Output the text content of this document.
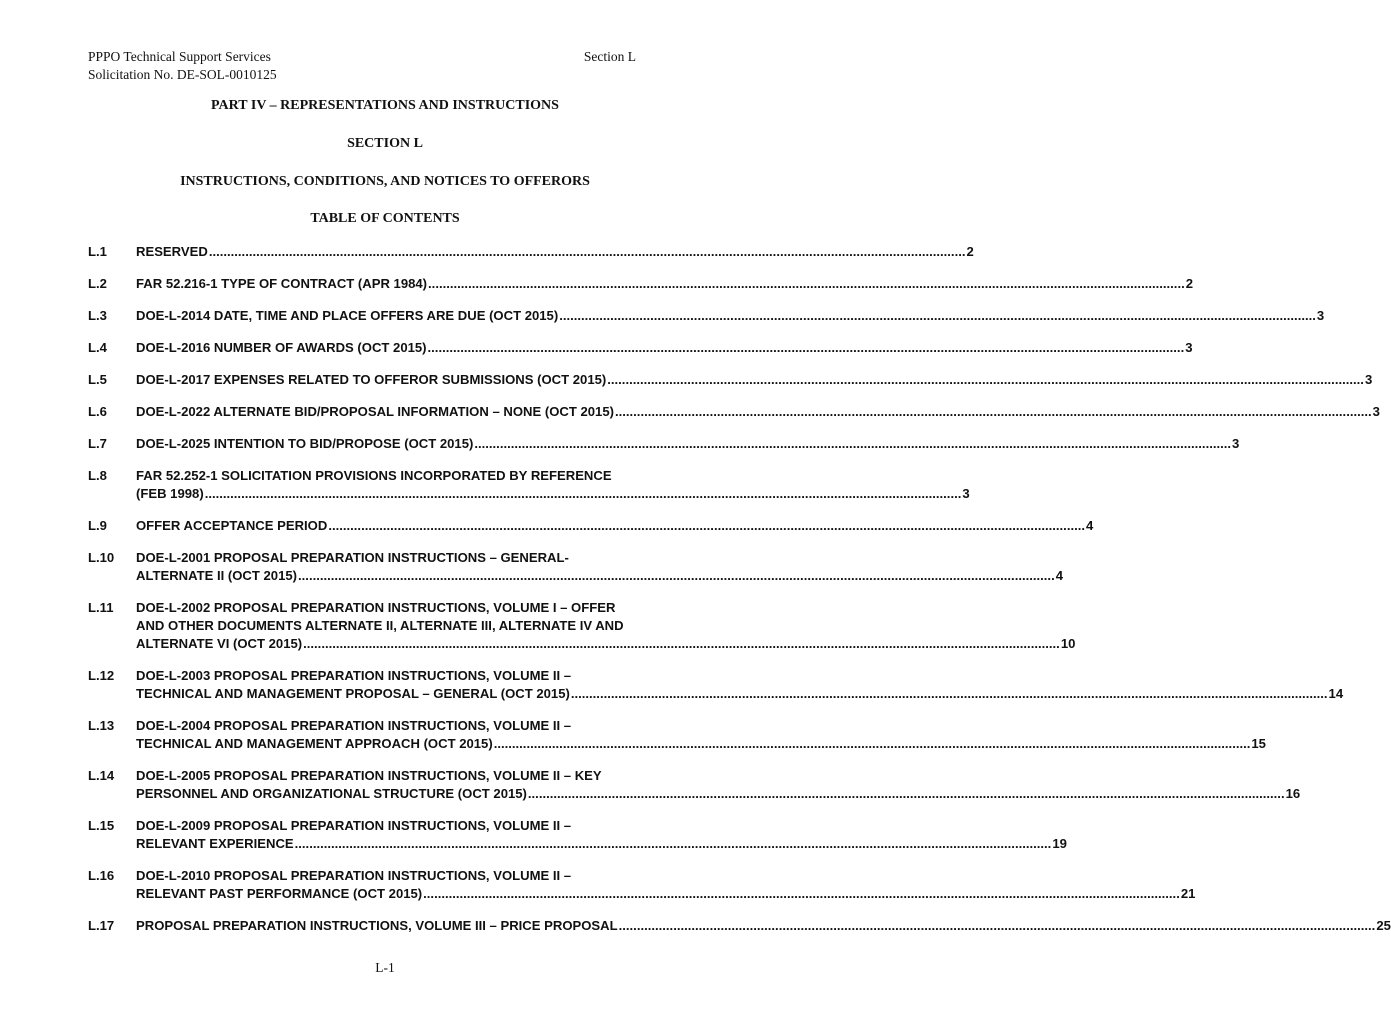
PPPO Technical Support Services	Section L
Solicitation No. DE-SOL-0010125
PART IV – REPRESENTATIONS AND INSTRUCTIONS
SECTION L
INSTRUCTIONS, CONDITIONS, AND NOTICES TO OFFERORS
TABLE OF CONTENTS
L.1	RESERVED .....	2
L.2	FAR 52.216-1 TYPE OF CONTRACT (APR 1984) .....	2
L.3	DOE-L-2014 DATE, TIME AND PLACE OFFERS ARE DUE (OCT 2015) .....	3
L.4	DOE-L-2016 NUMBER OF AWARDS (OCT 2015) .....	3
L.5	DOE-L-2017 EXPENSES RELATED TO OFFEROR SUBMISSIONS (OCT 2015) .....	3
L.6	DOE-L-2022 ALTERNATE BID/PROPOSAL INFORMATION – NONE (OCT 2015) .....	3
L.7	DOE-L-2025 INTENTION TO BID/PROPOSE (OCT 2015) .....	3
L.8	FAR 52.252-1 SOLICITATION PROVISIONS INCORPORATED BY REFERENCE
(FEB 1998) .....	3
L.9	OFFER ACCEPTANCE PERIOD .....	4
L.10	DOE-L-2001 PROPOSAL PREPARATION INSTRUCTIONS – GENERAL-
ALTERNATE II (OCT 2015) .....	4
L.11	DOE-L-2002 PROPOSAL PREPARATION INSTRUCTIONS, VOLUME I – OFFER
AND OTHER DOCUMENTS ALTERNATE II, ALTERNATE III, ALTERNATE IV AND
ALTERNATE VI (OCT 2015) .....	10
L.12	DOE-L-2003 PROPOSAL PREPARATION INSTRUCTIONS, VOLUME II –
TECHNICAL AND MANAGEMENT PROPOSAL – GENERAL (OCT 2015) .....	14
L.13	DOE-L-2004 PROPOSAL PREPARATION INSTRUCTIONS, VOLUME II –
TECHNICAL AND MANAGEMENT APPROACH (OCT 2015) .....	15
L.14	DOE-L-2005 PROPOSAL PREPARATION INSTRUCTIONS, VOLUME II – KEY
PERSONNEL AND ORGANIZATIONAL STRUCTURE (OCT 2015) .....	16
L.15	DOE-L-2009 PROPOSAL PREPARATION INSTRUCTIONS, VOLUME II –
RELEVANT EXPERIENCE .....	19
L.16	DOE-L-2010 PROPOSAL PREPARATION INSTRUCTIONS, VOLUME II –
RELEVANT PAST PERFORMANCE (OCT 2015) .....	21
L.17	PROPOSAL PREPARATION INSTRUCTIONS, VOLUME III – PRICE PROPOSAL .....	25
L-1
